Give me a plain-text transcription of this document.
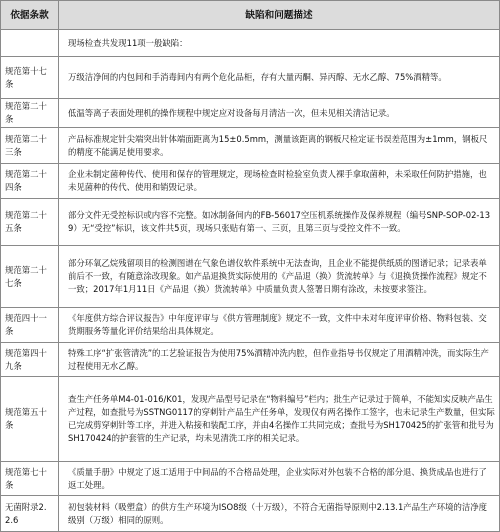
依据条款	缺陷和问题描述
	现场检查共发现11项一般缺陷：
规范第十七条	万级洁净间的内包间和手消毒间内有两个危化品柜，存有大量丙酮、异丙醇、无水乙醇、75%酒精等。
规范第二十条	低温等离子表面处理机的操作规程中规定应对设备每月清洁一次，但未见相关清洁记录。
规范第二十三条	产品标准规定针尖端突出针体端面距离为15±0.5mm，测量该距离的钢板尺检定证书误差范围为±1mm，钢板尺的精度不能满足使用要求。
规范第二十四条	企业未制定菌种传代、使用和保存的管理规定，现场检查时检验室负责人裸手拿取菌种，未采取任何防护措施，也未见菌种的传代、使用和销毁记录。
规范第二十五条	部分文件无受控标识或内容不完整。如冰制备间内的FB-56017空压机系统操作及保养规程（编号SNP-SOP-02-139）无“受控”标识，该文件共5页，现场只张贴有第一、三页，且第三页与受控文件不一致。
规范第二十七条	部分环氧乙烷残留项目的检测图谱在气象色谱仪软件系统中无法查询，且企业不能提供纸质的图谱记录；记录表单前后不一致，有随意涂改现象。如产品退换货实际使用的《产品退（换）货流转单》与《退换货操作流程》规定不一致；2017年1月11日《产品退（换）货流转单》中质量负责人签署日期有涂改，未按要求签注。
规范四十一条	《年度供方综合评议报告》中年度评审与《供方管理制度》规定不一致，文件中未对年度评审价格、物料包装、交货期服务等量化评价结果给出具体规定。
规范第四十九条	特殊工序“扩张管清洗”的工艺验证报告为使用75%酒精冲洗内腔，但作业指导书仅规定了用酒精冲洗，而实际生产过程使用无水乙醇。
规范第五十条	查生产任务单M4-01-016/K01，发现产品型号记录在“物料编号”栏内；批生产记录过于简单，不能知实反映产品生产过程，如查批号为SSTNG0117的穿刺针产品生产任务单，发现仅有两名操作工签字，也未记录生产数量，但实际已完成剪穿刺针等工序，并进入粘接和装配工序，并由4名操作工共同完成；查批号为SH170425的扩张管和批号为SH170424的护套管的生产记录，均未见清洗工序的相关记录。
规范第七十条	《质量手册》中规定了返工适用于中间品的不合格品处理，企业实际对外包装不合格的部分退、换货成品也进行了返工处理。
无菌附录2.2.6	初包装材料（吸塑盒）的供方生产环境为ISO8级（十万级），不符合无菌指导原则中2.13.1产品生产环境的洁净度级别（万级）相同的原则。
